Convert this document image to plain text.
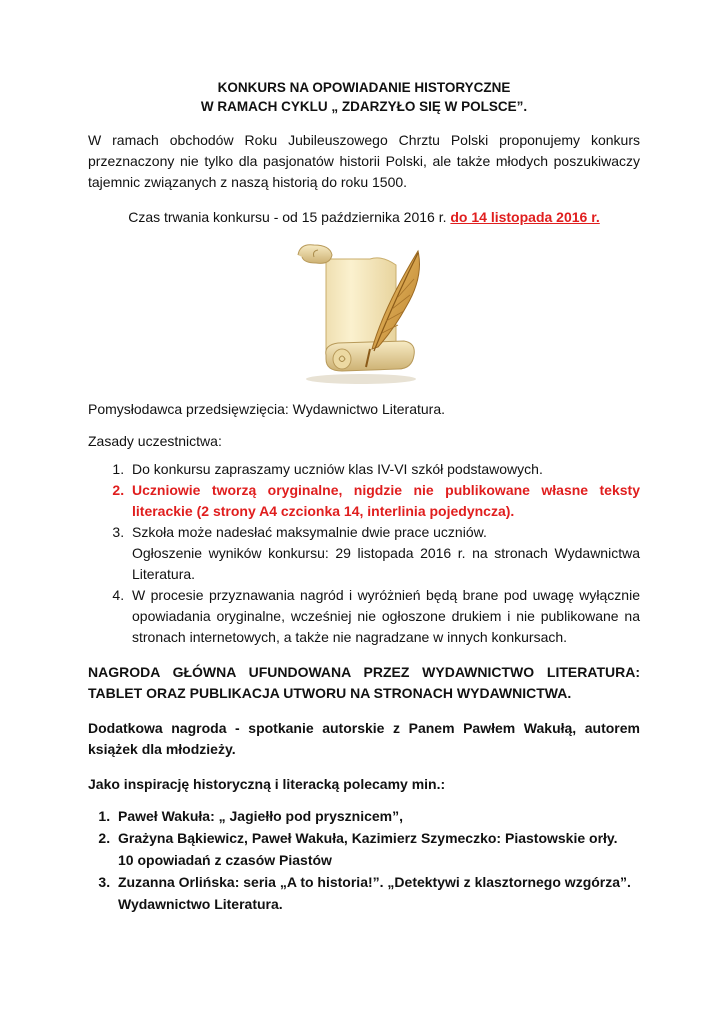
KONKURS NA OPOWIADANIE HISTORYCZNE
W RAMACH CYKLU „ ZDARZYŁO SIĘ W POLSCE”.

W ramach obchodów Roku Jubileuszowego Chrztu Polski proponujemy konkurs przeznaczony nie tylko dla pasjonatów historii Polski, ale także młodych poszukiwaczy tajemnic związanych z naszą historią do roku 1500.

Czas trwania konkursu - od 15 października 2016 r. do 14 listopada 2016 r.

Pomysłodawca przedsięwzięcia: Wydawnictwo Literatura.

Zasady uczestnictwa:

1. Do konkursu zapraszamy uczniów klas IV-VI szkół podstawowych.
2. Uczniowie tworzą oryginalne, nigdzie nie publikowane własne teksty literackie (2 strony A4 czcionka 14, interlinia pojedyncza).
3. Szkoła może nadesłać maksymalnie dwie prace uczniów.
Ogłoszenie wyników konkursu: 29 listopada 2016 r. na stronach Wydawnictwa Literatura.
4. W procesie przyznawania nagród i wyróżnień będą brane pod uwagę wyłącznie opowiadania oryginalne, wcześniej nie ogłoszone drukiem i nie publikowane na stronach internetowych, a także nie nagradzane w innych konkursach.

NAGRODA GŁÓWNA UFUNDOWANA PRZEZ WYDAWNICTWO LITERATURA: TABLET ORAZ PUBLIKACJA UTWORU NA STRONACH WYDAWNICTWA.

Dodatkowa nagroda - spotkanie autorskie z Panem Pawłem Wakułą, autorem książek dla młodzieży.

Jako inspirację historyczną i literacką polecamy min.:

1. Paweł Wakuła: „ Jagiełło pod prysznicem”,
2. Grażyna Bąkiewicz, Paweł Wakuła, Kazimierz Szymeczko: Piastowskie orły.
10 opowiadań z czasów Piastów
3. Zuzanna Orlińska: seria „A to historia!”. „Detektywi z klasztornego wzgórza”.
Wydawnictwo Literatura.
